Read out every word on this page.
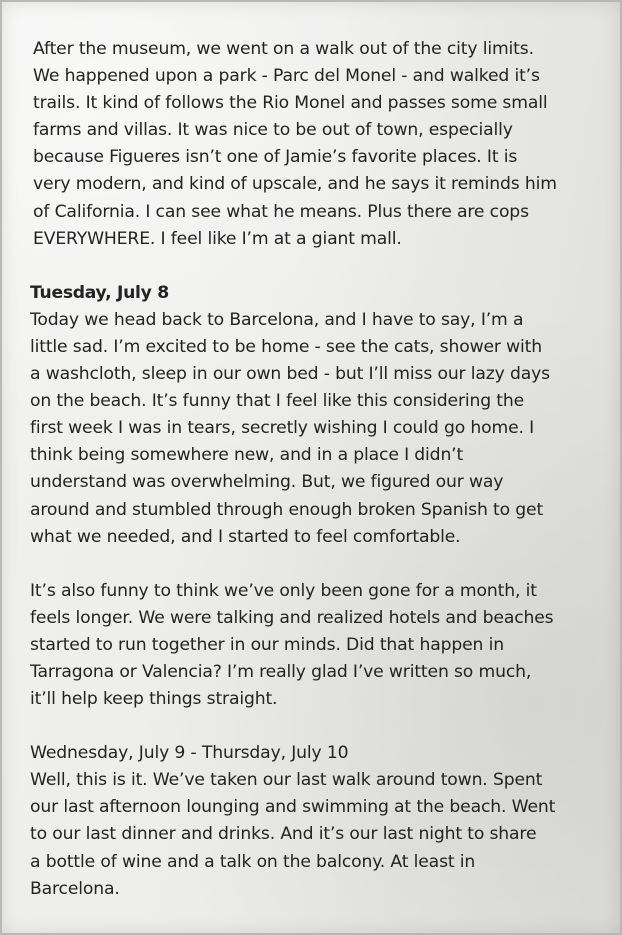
After the museum, we went on a walk out of the city limits.
We happened upon a park - Parc del Monel - and walked it’s
trails. It kind of follows the Rio Monel and passes some small
farms and villas. It was nice to be out of town, especially
because Figueres isn’t one of Jamie’s favorite places. It is
very modern, and kind of upscale, and he says it reminds him
of California. I can see what he means. Plus there are cops
EVERYWHERE. I feel like I’m at a giant mall.
Tuesday, July 8
Today we head back to Barcelona, and I have to say, I’m a
little sad. I’m excited to be home - see the cats, shower with
a washcloth, sleep in our own bed - but I’ll miss our lazy days
on the beach. It’s funny that I feel like this considering the
first week I was in tears, secretly wishing I could go home. I
think being somewhere new, and in a place I didn’t
understand was overwhelming. But, we figured our way
around and stumbled through enough broken Spanish to get
what we needed, and I started to feel comfortable.
It’s also funny to think we’ve only been gone for a month, it
feels longer. We were talking and realized hotels and beaches
started to run together in our minds. Did that happen in
Tarragona or Valencia? I’m really glad I’ve written so much,
it’ll help keep things straight.
Wednesday, July 9 - Thursday, July 10
Well, this is it. We’ve taken our last walk around town. Spent
our last afternoon lounging and swimming at the beach. Went
to our last dinner and drinks. And it’s our last night to share
a bottle of wine and a talk on the balcony. At least in
Barcelona.
